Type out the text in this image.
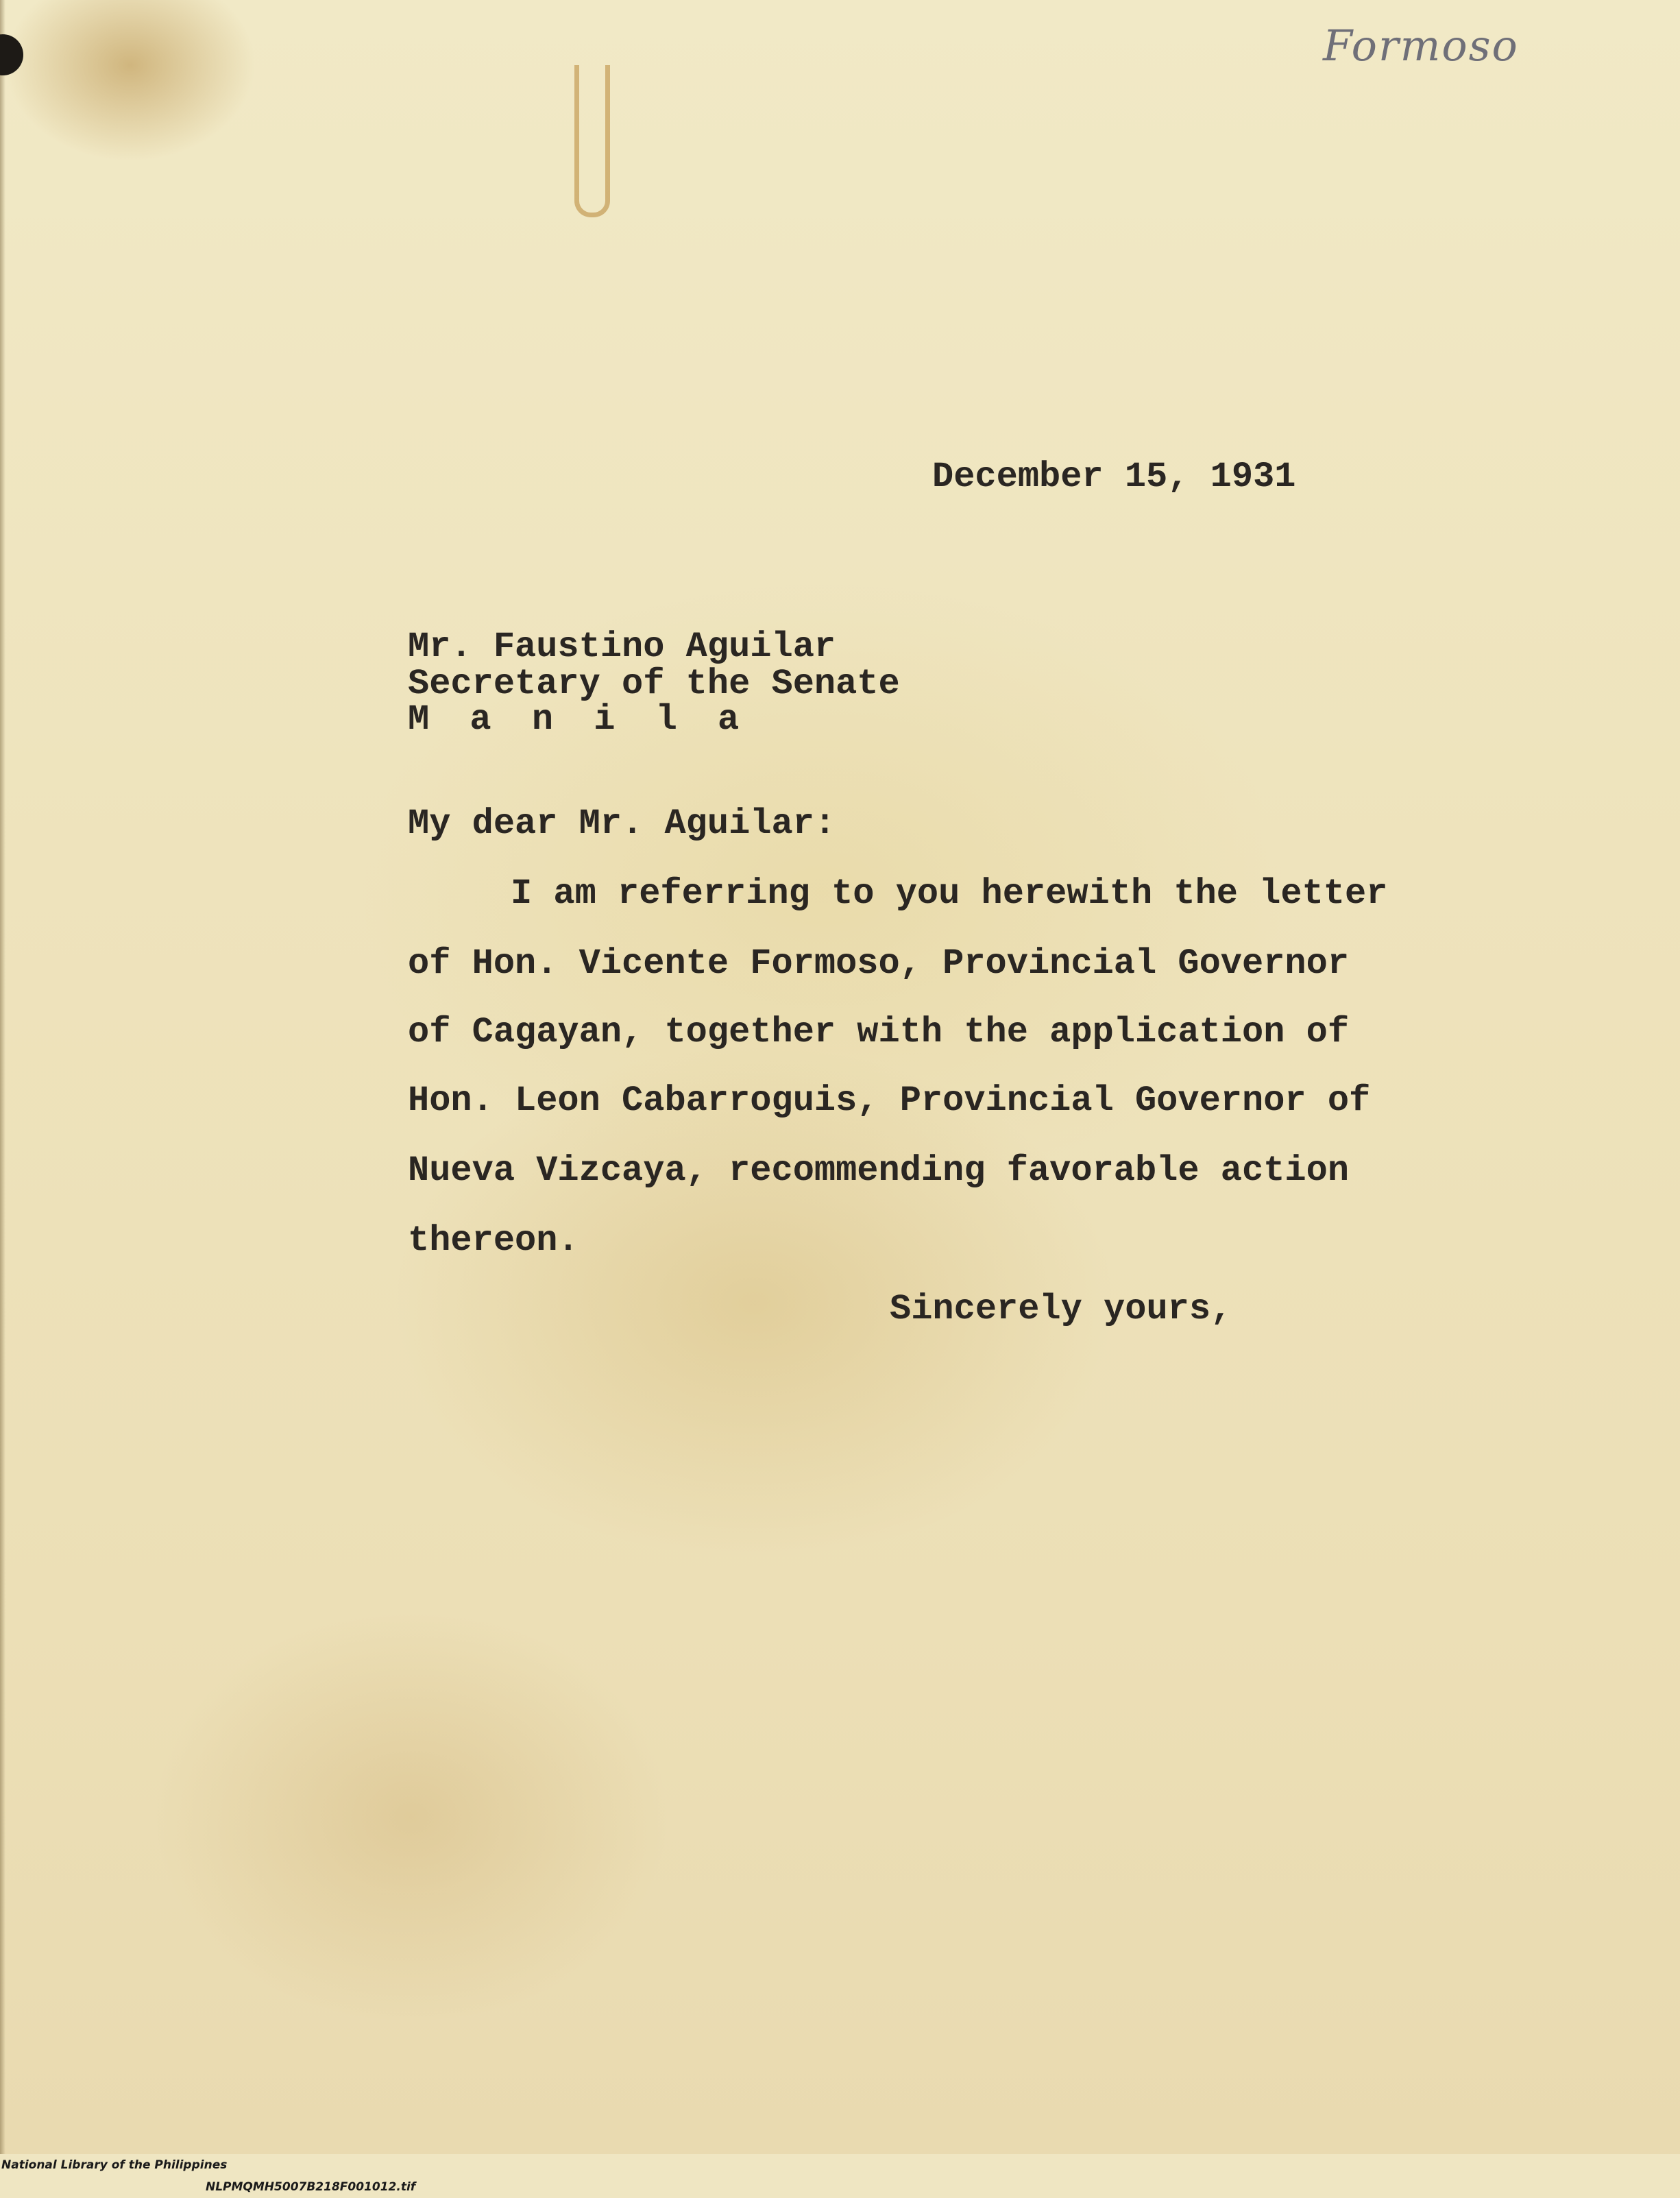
Formoso
December 15, 1931
Mr. Faustino Aguilar
Secretary of the Senate
M a n i l a
My dear Mr. Aguilar:
I am referring to you herewith the letter
of Hon. Vicente Formoso, Provincial Governor
of Cagayan, together with the application of
Hon. Leon Cabarroguis, Provincial Governor of
Nueva Vizcaya, recommending favorable action
thereon.
Sincerely yours,

National Library of the Philippines

NLPMQMH5007B218F001012.tif
